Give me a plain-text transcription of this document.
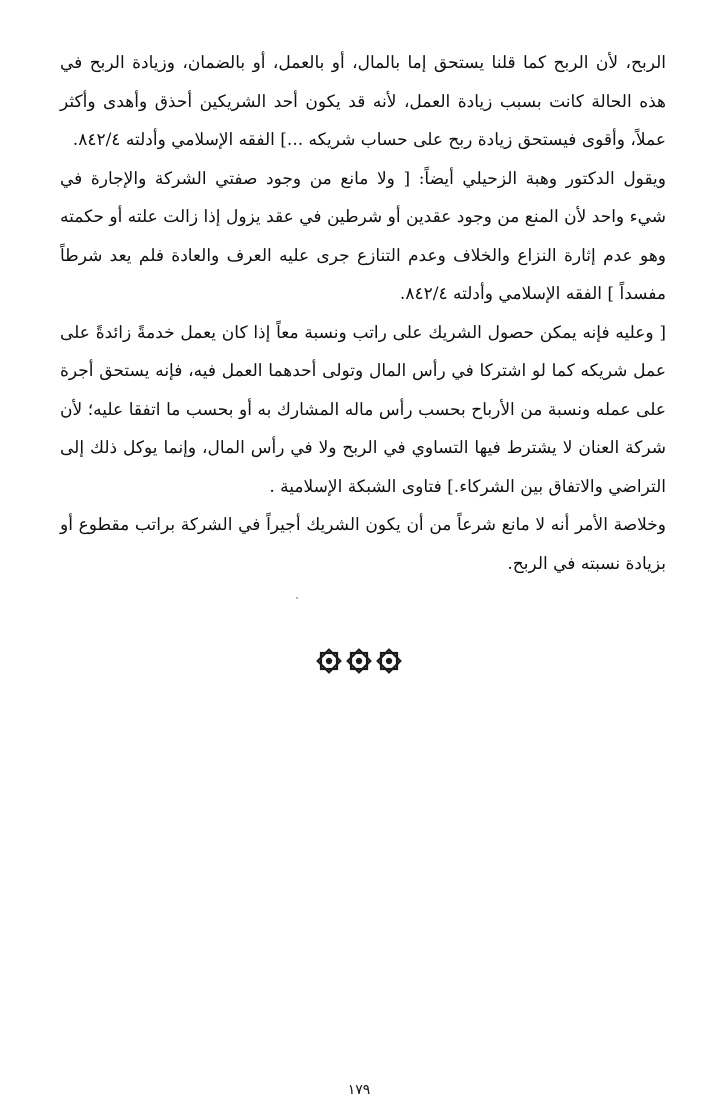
الربح، لأن الربح كما قلنا يستحق إما بالمال، أو بالعمل، أو بالضمان، وزيادة الربح في هذه الحالة كانت بسبب زيادة العمل، لأنه قد يكون أحد الشريكين أحذق وأهدى وأكثر عملاً، وأقوى فيستحق زيادة ربح على حساب شريكه ...] الفقه الإسلامي وأدلته ٨٤٢/٤.

ويقول الدكتور وهبة الزحيلي أيضاً: [ ولا مانع من وجود صفتي الشركة والإجارة في شيء واحد لأن المنع من وجود عقدين أو شرطين في عقد يزول إذا زالت علته أو حكمته وهو عدم إثارة النزاع والخلاف وعدم التنازع جرى عليه العرف والعادة فلم يعد شرطاً مفسداً ] الفقه الإسلامي وأدلته ٨٤٢/٤.

[ وعليه فإنه يمكن حصول الشريك على راتب ونسبة معاً إذا كان يعمل خدمةً زائدةً على عمل شريكه كما لو اشتركا في رأس المال وتولى أحدهما العمل فيه، فإنه يستحق أجرة على عمله ونسبة من الأرباح بحسب رأس ماله المشارك به أو بحسب ما اتفقا عليه؛ لأن شركة العنان لا يشترط فيها التساوي في الربح ولا في رأس المال، وإنما يوكل ذلك إلى التراضي والاتفاق بين الشركاء.] فتاوى الشبكة الإسلامية .

وخلاصة الأمر أنه لا مانع شرعاً من أن يكون الشريك أجيراً في الشركة براتب مقطوع أو بزيادة نسبته في الربح.

١٧٩
